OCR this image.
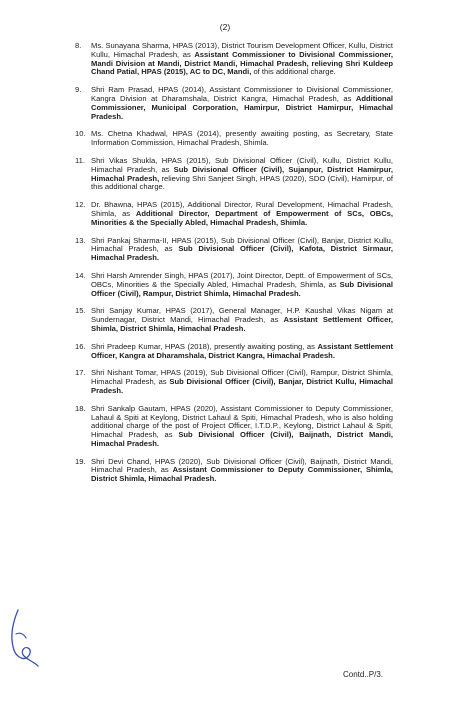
(2)
8.	Ms. Sunayana Sharma, HPAS (2013), District Tourism Development Officer, Kullu, District Kullu, Himachal Pradesh, as Assistant Commissioner to Divisional Commissioner, Mandi Division at Mandi, District Mandi, Himachal Pradesh, relieving Shri Kuldeep Chand Patial, HPAS (2015), AC to DC, Mandi, of this additional charge.
9.	Shri Ram Prasad, HPAS (2014), Assistant Commissioner to Divisional Commissioner, Kangra Division at Dharamshala, District Kangra, Himachal Pradesh, as Additional Commissioner, Municipal Corporation, Hamirpur, District Hamirpur, Himachal Pradesh.
10. Ms. Chetna Khadwal, HPAS (2014), presently awaiting posting, as Secretary, State Information Commission, Himachal Pradesh, Shimla.
11. Shri Vikas Shukla, HPAS (2015), Sub Divisional Officer (Civil), Kullu, District Kullu, Himachal Pradesh, as Sub Divisional Officer (Civil), Sujanpur, District Hamirpur, Himachal Pradesh, relieving Shri Sanjeet Singh, HPAS (2020), SDO (Civil), Hamirpur, of this additional charge.
12. Dr. Bhawna, HPAS (2015), Additional Director, Rural Development, Himachal Pradesh, Shimla, as Additional Director, Department of Empowerment of SCs, OBCs, Minorities & the Specially Abled, Himachal Pradesh, Shimla.
13. Shri Pankaj Sharma-II, HPAS (2015), Sub Divisional Officer (Civil), Banjar, District Kullu, Himachal Pradesh, as Sub Divisional Officer (Civil), Kafota, District Sirmaur, Himachal Pradesh.
14. Shri Harsh Amrender Singh, HPAS (2017), Joint Director, Deptt. of Empowerment of SCs, OBCs, Minorities & the Specially Abled, Himachal Pradesh, Shimla, as Sub Divisional Officer (Civil), Rampur, District Shimla, Himachal Pradesh.
15. Shri Sanjay Kumar, HPAS (2017), General Manager, H.P. Kaushal Vikas Nigam at Sundernagar, District Mandi, Himachal Pradesh, as Assistant Settlement Officer, Shimla, District Shimla, Himachal Pradesh.
16. Shri Pradeep Kumar, HPAS (2018), presently awaiting posting, as Assistant Settlement Officer, Kangra at Dharamshala, District Kangra, Himachal Pradesh.
17. Shri Nishant Tomar, HPAS (2019), Sub Divisional Officer (Civil), Rampur, District Shimla, Himachal Pradesh, as Sub Divisional Officer (Civil), Banjar, District Kullu, Himachal Pradesh.
18. Shri Sankalp Gautam, HPAS (2020), Assistant Commissioner to Deputy Commissioner, Lahaul & Spiti at Keylong, District Lahaul & Spiti, Himachal Pradesh, who is also holding additional charge of the post of Project Officer, I.T.D.P., Keylong, District Lahaul & Spiti, Himachal Pradesh, as Sub Divisional Officer (Civil), Baijnath, District Mandi, Himachal Pradesh.
19. Shri Devi Chand, HPAS (2020), Sub Divisional Officer (Civil), Baijnath, District Mandi, Himachal Pradesh, as Assistant Commissioner to Deputy Commissioner, Shimla, District Shimla, Himachal Pradesh.
Contd..P/3.
